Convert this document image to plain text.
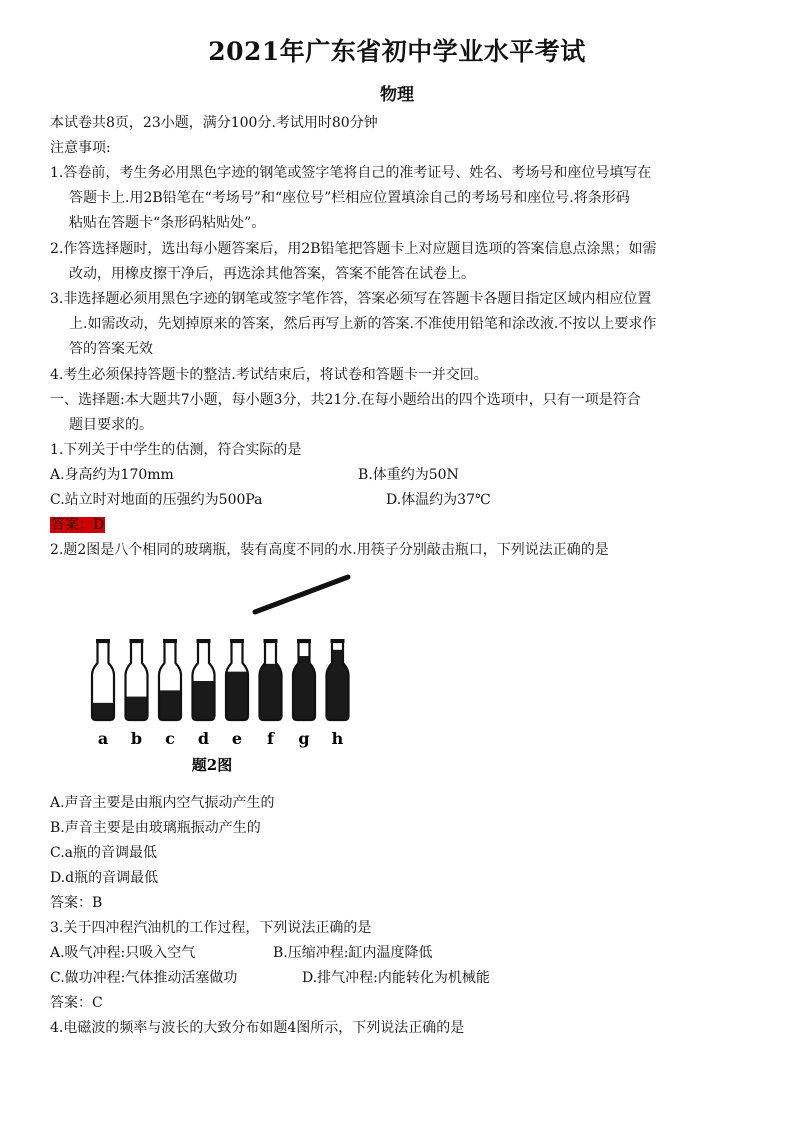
2021年广东省初中学业水平考试
物理
本试卷共8页，23小题，满分100分.考试用时80分钟
注意事项:
1.答卷前，考生务必用黑色字迹的钢笔或签字笔将自己的准考证号、姓名、考场号和座位号填写在
答题卡上.用2B铅笔在“考场号”和“座位号”栏相应位置填涂自己的考场号和座位号.将条形码
粘贴在答题卡“条形码粘贴处”。
2.作答选择题时，选出每小题答案后，用2B铅笔把答题卡上对应题目选项的答案信息点涂黑；如需
改动，用橡皮擦干净后，再选涂其他答案，答案不能答在试卷上。
3.非选择题必须用黑色字迹的钢笔或签字笔作答，答案必须写在答题卡各题目指定区域内相应位置
上.如需改动，先划掉原来的答案，然后再写上新的答案.不准使用铅笔和涂改液.不按以上要求作
答的答案无效
4.考生必须保持答题卡的整洁.考试结束后，将试卷和答题卡一并交回。
一、选择题:本大题共7小题，每小题3分，共21分.在每小题给出的四个选项中，只有一项是符合
题目要求的。
1.下列关于中学生的估测，符合实际的是
A.身高约为170mm	B.体重约为50N
C.站立时对地面的压强约为500Pa	D.体温约为37℃
答案：D
2.题2图是八个相同的玻璃瓶，装有高度不同的水.用筷子分别敲击瓶口，下列说法正确的是
a b c d e f g h
题2图
A.声音主要是由瓶内空气振动产生的
B.声音主要是由玻璃瓶振动产生的
C.a瓶的音调最低
D.d瓶的音调最低
答案：B
3.关于四冲程汽油机的工作过程，下列说法正确的是
A.吸气冲程:只吸入空气	B.压缩冲程:缸内温度降低
C.做功冲程:气体推动活塞做功	D.排气冲程:内能转化为机械能
答案：C
4.电磁波的频率与波长的大致分布如题4图所示，下列说法正确的是
